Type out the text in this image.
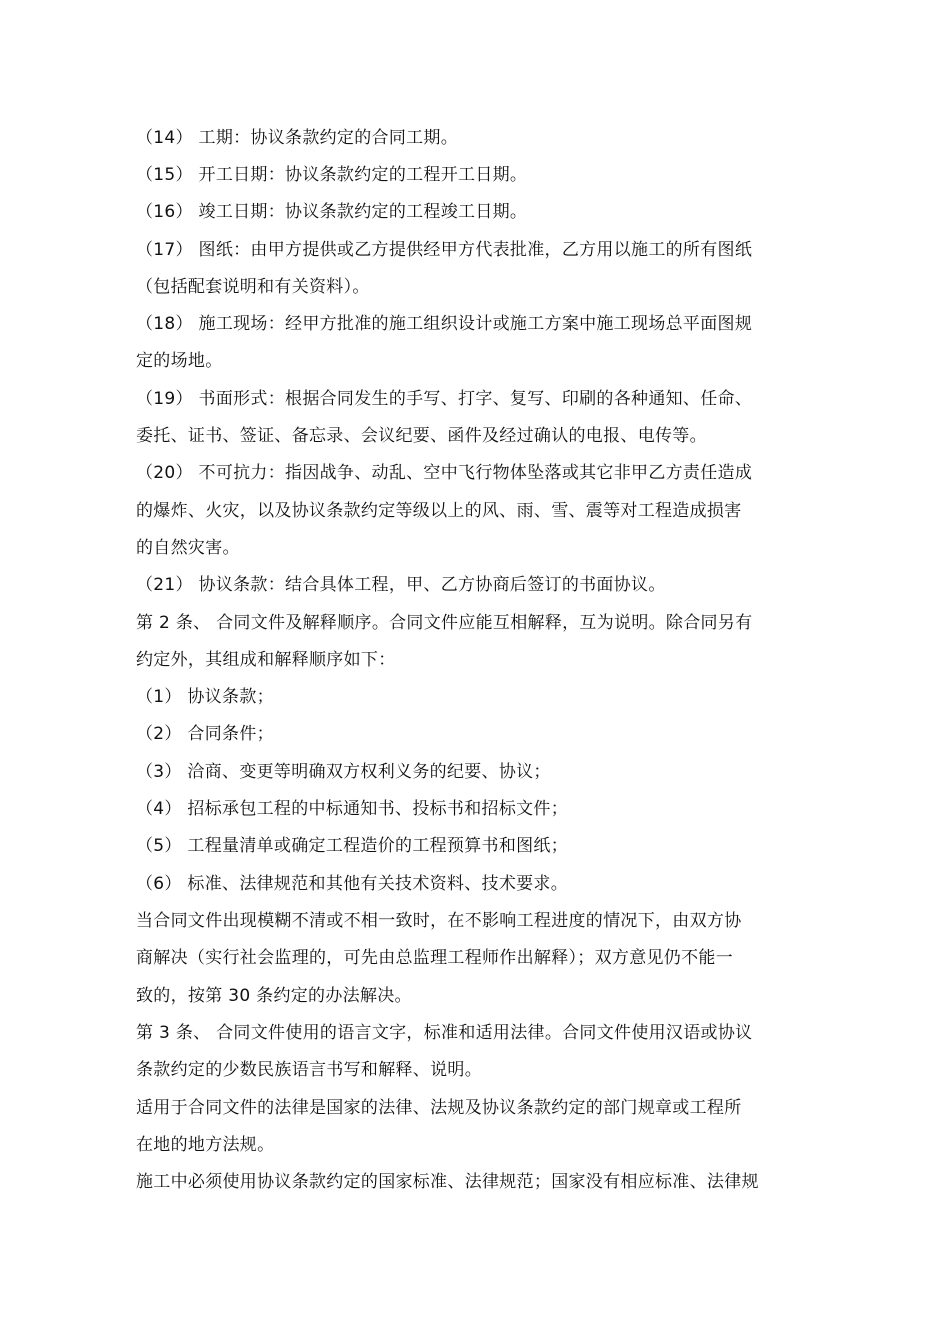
（14） 工期：协议条款约定的合同工期。
（15） 开工日期：协议条款约定的工程开工日期。
（16） 竣工日期：协议条款约定的工程竣工日期。
（17） 图纸：由甲方提供或乙方提供经甲方代表批准，乙方用以施工的所有图纸
（包括配套说明和有关资料）。
（18） 施工现场：经甲方批准的施工组织设计或施工方案中施工现场总平面图规
定的场地。
（19） 书面形式：根据合同发生的手写、打字、复写、印刷的各种通知、任命、
委托、证书、签证、备忘录、会议纪要、函件及经过确认的电报、电传等。
（20） 不可抗力：指因战争、动乱、空中飞行物体坠落或其它非甲乙方责任造成
的爆炸、火灾，以及协议条款约定等级以上的风、雨、雪、震等对工程造成损害
的自然灾害。
（21） 协议条款：结合具体工程，甲、乙方协商后签订的书面协议。
第 2 条、 合同文件及解释顺序。合同文件应能互相解释，互为说明。除合同另有
约定外，其组成和解释顺序如下：
（1） 协议条款；
（2） 合同条件；
（3） 洽商、变更等明确双方权利义务的纪要、协议；
（4） 招标承包工程的中标通知书、投标书和招标文件；
（5） 工程量清单或确定工程造价的工程预算书和图纸；
（6） 标准、法律规范和其他有关技术资料、技术要求。
当合同文件出现模糊不清或不相一致时，在不影响工程进度的情况下，由双方协
商解决（实行社会监理的，可先由总监理工程师作出解释）；双方意见仍不能一
致的，按第 30 条约定的办法解决。
第 3 条、 合同文件使用的语言文字，标准和适用法律。合同文件使用汉语或协议
条款约定的少数民族语言书写和解释、说明。
适用于合同文件的法律是国家的法律、法规及协议条款约定的部门规章或工程所
在地的地方法规。
施工中必须使用协议条款约定的国家标准、法律规范；国家没有相应标准、法律规
